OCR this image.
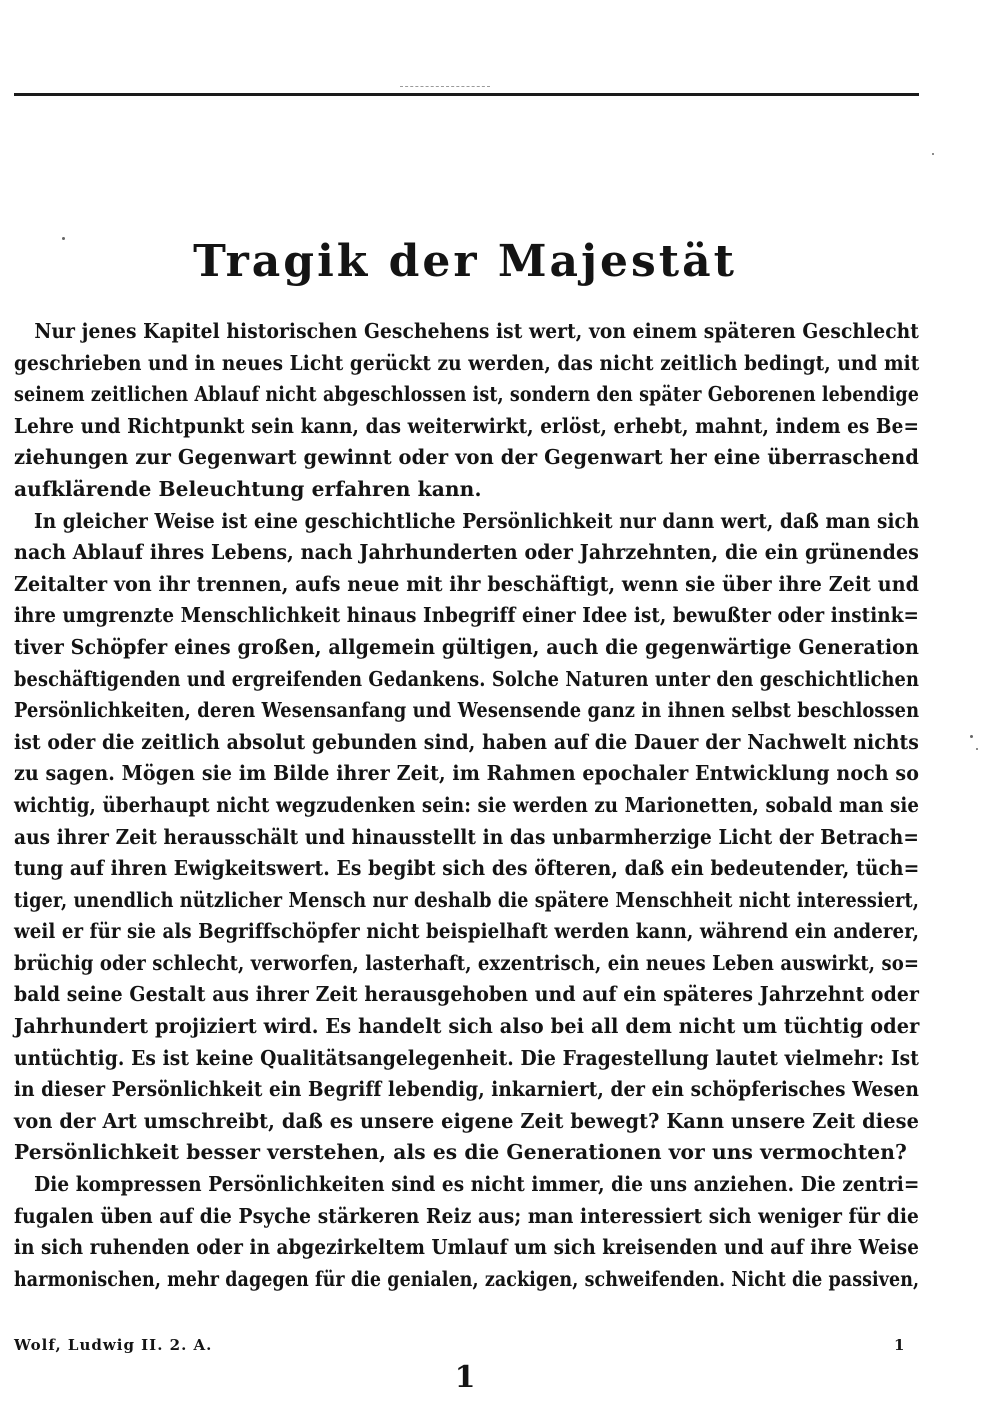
Tragik der Majestät
Nur jenes Kapitel historischen Geschehens ist wert, von einem späteren Geschlecht
geschrieben und in neues Licht gerückt zu werden, das nicht zeitlich bedingt, und mit
seinem zeitlichen Ablauf nicht abgeschlossen ist, sondern den später Geborenen lebendige
Lehre und Richtpunkt sein kann, das weiterwirkt, erlöst, erhebt, mahnt, indem es Be=
ziehungen zur Gegenwart gewinnt oder von der Gegenwart her eine überraschend
aufklärende Beleuchtung erfahren kann.
In gleicher Weise ist eine geschichtliche Persönlichkeit nur dann wert, daß man sich
nach Ablauf ihres Lebens, nach Jahrhunderten oder Jahrzehnten, die ein grünendes
Zeitalter von ihr trennen, aufs neue mit ihr beschäftigt, wenn sie über ihre Zeit und
ihre umgrenzte Menschlichkeit hinaus Inbegriff einer Idee ist, bewußter oder instink=
tiver Schöpfer eines großen, allgemein gültigen, auch die gegenwärtige Generation
beschäftigenden und ergreifenden Gedankens. Solche Naturen unter den geschichtlichen
Persönlichkeiten, deren Wesensanfang und Wesensende ganz in ihnen selbst beschlossen
ist oder die zeitlich absolut gebunden sind, haben auf die Dauer der Nachwelt nichts
zu sagen. Mögen sie im Bilde ihrer Zeit, im Rahmen epochaler Entwicklung noch so
wichtig, überhaupt nicht wegzudenken sein: sie werden zu Marionetten, sobald man sie
aus ihrer Zeit herausschält und hinausstellt in das unbarmherzige Licht der Betrach=
tung auf ihren Ewigkeitswert. Es begibt sich des öfteren, daß ein bedeutender, tüch=
tiger, unendlich nützlicher Mensch nur deshalb die spätere Menschheit nicht interessiert,
weil er für sie als Begriffschöpfer nicht beispielhaft werden kann, während ein anderer,
brüchig oder schlecht, verworfen, lasterhaft, exzentrisch, ein neues Leben auswirkt, so=
bald seine Gestalt aus ihrer Zeit herausgehoben und auf ein späteres Jahrzehnt oder
Jahrhundert projiziert wird. Es handelt sich also bei all dem nicht um tüchtig oder
untüchtig. Es ist keine Qualitätsangelegenheit. Die Fragestellung lautet vielmehr: Ist
in dieser Persönlichkeit ein Begriff lebendig, inkarniert, der ein schöpferisches Wesen
von der Art umschreibt, daß es unsere eigene Zeit bewegt? Kann unsere Zeit diese
Persönlichkeit besser verstehen, als es die Generationen vor uns vermochten?
Die kompressen Persönlichkeiten sind es nicht immer, die uns anziehen. Die zentri=
fugalen üben auf die Psyche stärkeren Reiz aus; man interessiert sich weniger für die
in sich ruhenden oder in abgezirkeltem Umlauf um sich kreisenden und auf ihre Weise
harmonischen, mehr dagegen für die genialen, zackigen, schweifenden. Nicht die passiven,
Wolf, Ludwig II. 2. A.	1
1
